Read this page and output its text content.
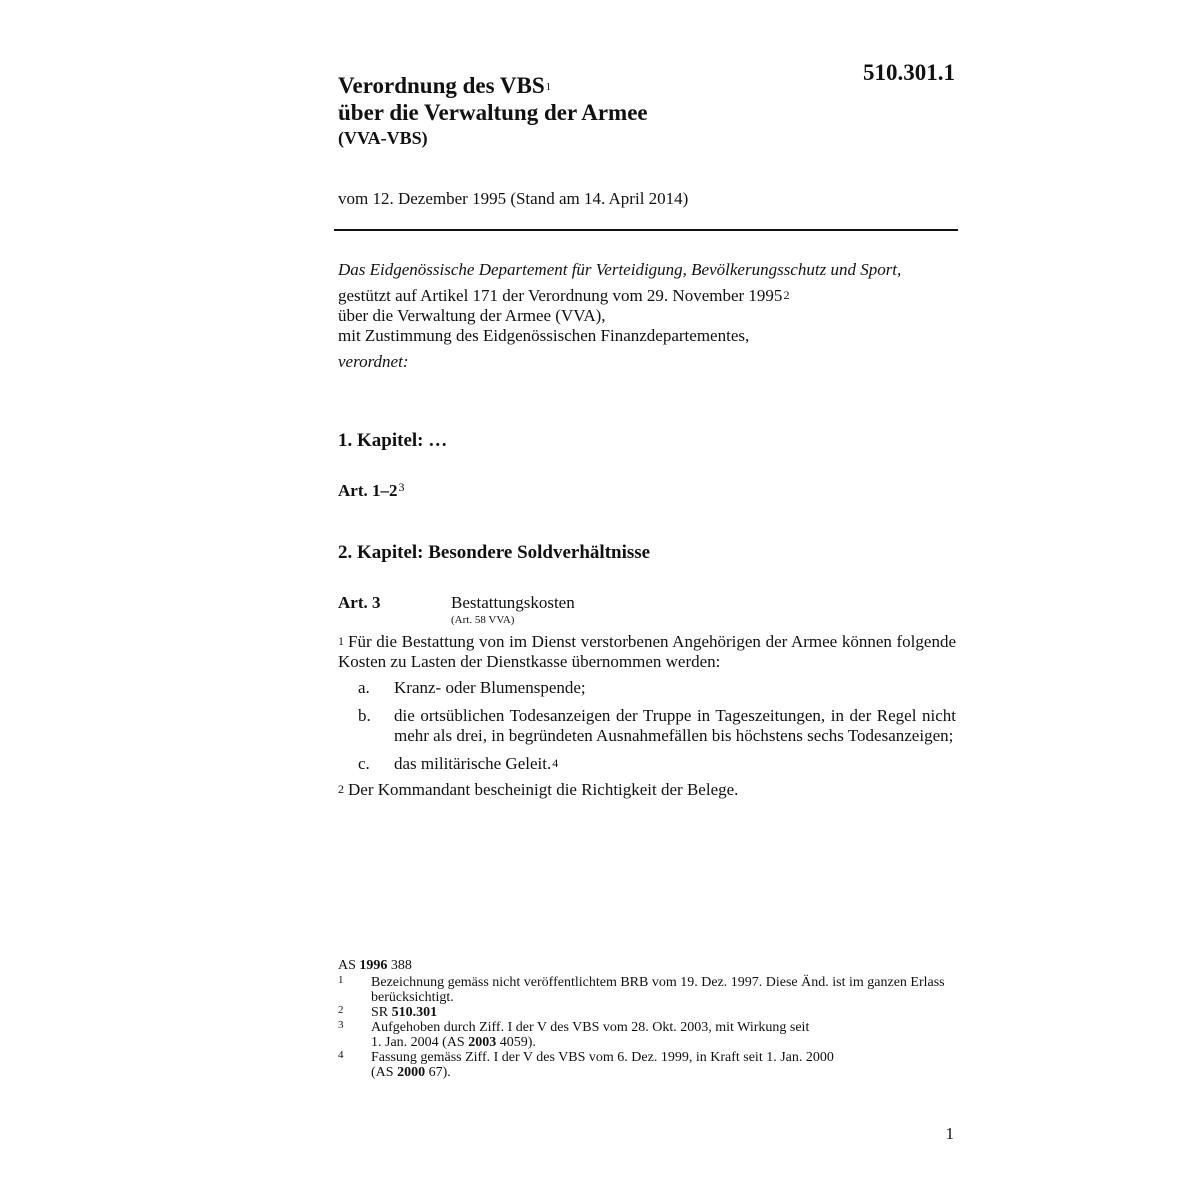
510.301.1
Verordnung des VBS$^1$
über die Verwaltung der Armee
(VVA-VBS)
vom 12. Dezember 1995 (Stand am 14. April 2014)
Das Eidgenössische Departement für Verteidigung, Bevölkerungsschutz und Sport,
gestützt auf Artikel 171 der Verordnung vom 29. November 1995$^2$
über die Verwaltung der Armee (VVA),
mit Zustimmung des Eidgenössischen Finanzdepartementes,
verordnet:
1. Kapitel: …
Art. 1–2$^3$
2. Kapitel: Besondere Soldverhältnisse
Art. 3	Bestattungskosten
(Art. 58 VVA)
$^1$ Für die Bestattung von im Dienst verstorbenen Angehörigen der Armee können folgende Kosten zu Lasten der Dienstkasse übernommen werden:
a.	Kranz- oder Blumenspende;
b.	die ortsüblichen Todesanzeigen der Truppe in Tageszeitungen, in der Regel nicht mehr als drei, in begründeten Ausnahmefällen bis höchstens sechs Todesanzeigen;
c.	das militärische Geleit.$^4$
$^2$ Der Kommandant bescheinigt die Richtigkeit der Belege.
AS 1996 388
1	Bezeichnung gemäss nicht veröffentlichtem BRB vom 19. Dez. 1997. Diese Änd. ist im ganzen Erlass berücksichtigt.
2	SR 510.301
3	Aufgehoben durch Ziff. I der V des VBS vom 28. Okt. 2003, mit Wirkung seit
1. Jan. 2004 (AS 2003 4059).
4	Fassung gemäss Ziff. I der V des VBS vom 6. Dez. 1999, in Kraft seit 1. Jan. 2000
(AS 2000 67).
1
